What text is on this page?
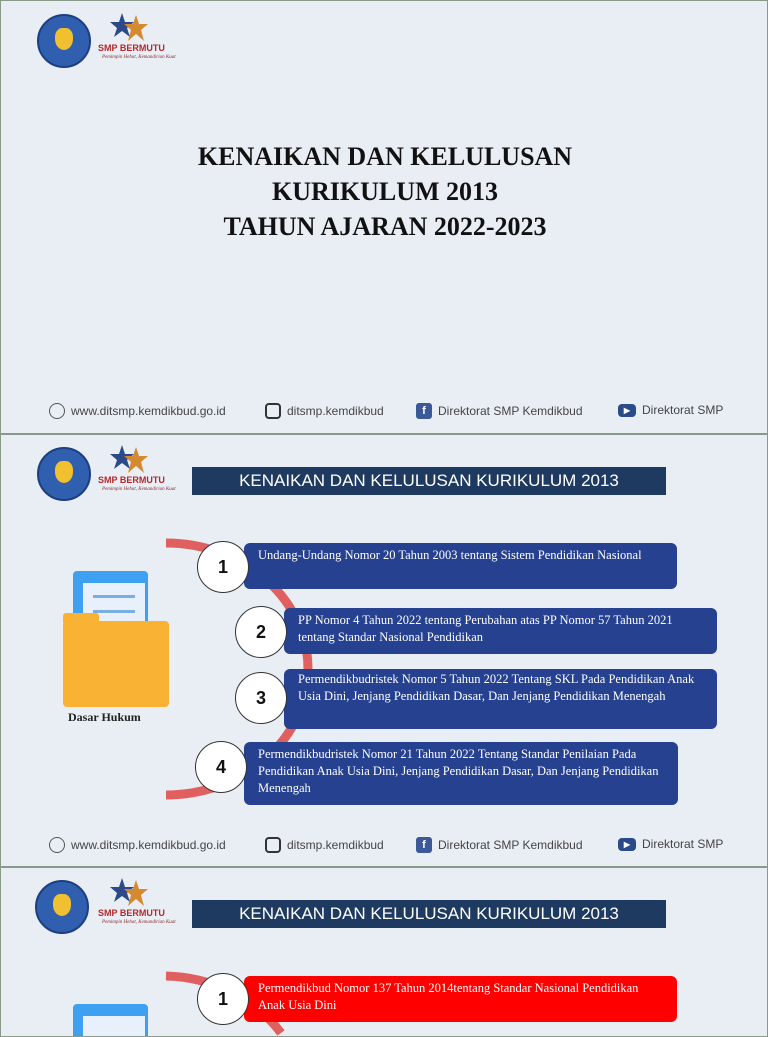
SMP BERMUTU
Pemimpin Hebat, Kemandirian Kuat
KENAIKAN DAN KELULUSAN
KURIKULUM 2013
TAHUN AJARAN 2022-2023
www.ditsmp.kemdikbud.go.id	ditsmp.kemdikbud	f	Direktorat SMP Kemdikbud	▶ Direktorat SMP
SMP BERMUTU
Pemimpin Hebat, Kemandirian Kuat	KENAIKAN DAN KELULUSAN KURIKULUM 2013
Dasar Hukum
Undang-Undang Nomor 20 Tahun 2003 tentang Sistem Pendidikan Nasional
1
PP Nomor 4 Tahun 2022 tentang Perubahan atas PP Nomor 57 Tahun 2021 tentang Standar Nasional Pendidikan
2
Permendikbudristek Nomor 5 Tahun 2022 Tentang SKL Pada Pendidikan Anak Usia Dini, Jenjang Pendidikan Dasar, Dan Jenjang Pendidikan Menengah
3
Permendikbudristek Nomor 21 Tahun 2022 Tentang Standar Penilaian Pada Pendidikan Anak Usia Dini, Jenjang Pendidikan Dasar, Dan Jenjang Pendidikan Menengah
4
www.ditsmp.kemdikbud.go.id	ditsmp.kemdikbud	f	Direktorat SMP Kemdikbud	▶ Direktorat SMP
SMP BERMUTU
Pemimpin Hebat, Kemandirian Kuat	KENAIKAN DAN KELULUSAN KURIKULUM 2013
Permendikbud Nomor 137 Tahun 2014tentang Standar Nasional Pendidikan Anak Usia Dini
1
